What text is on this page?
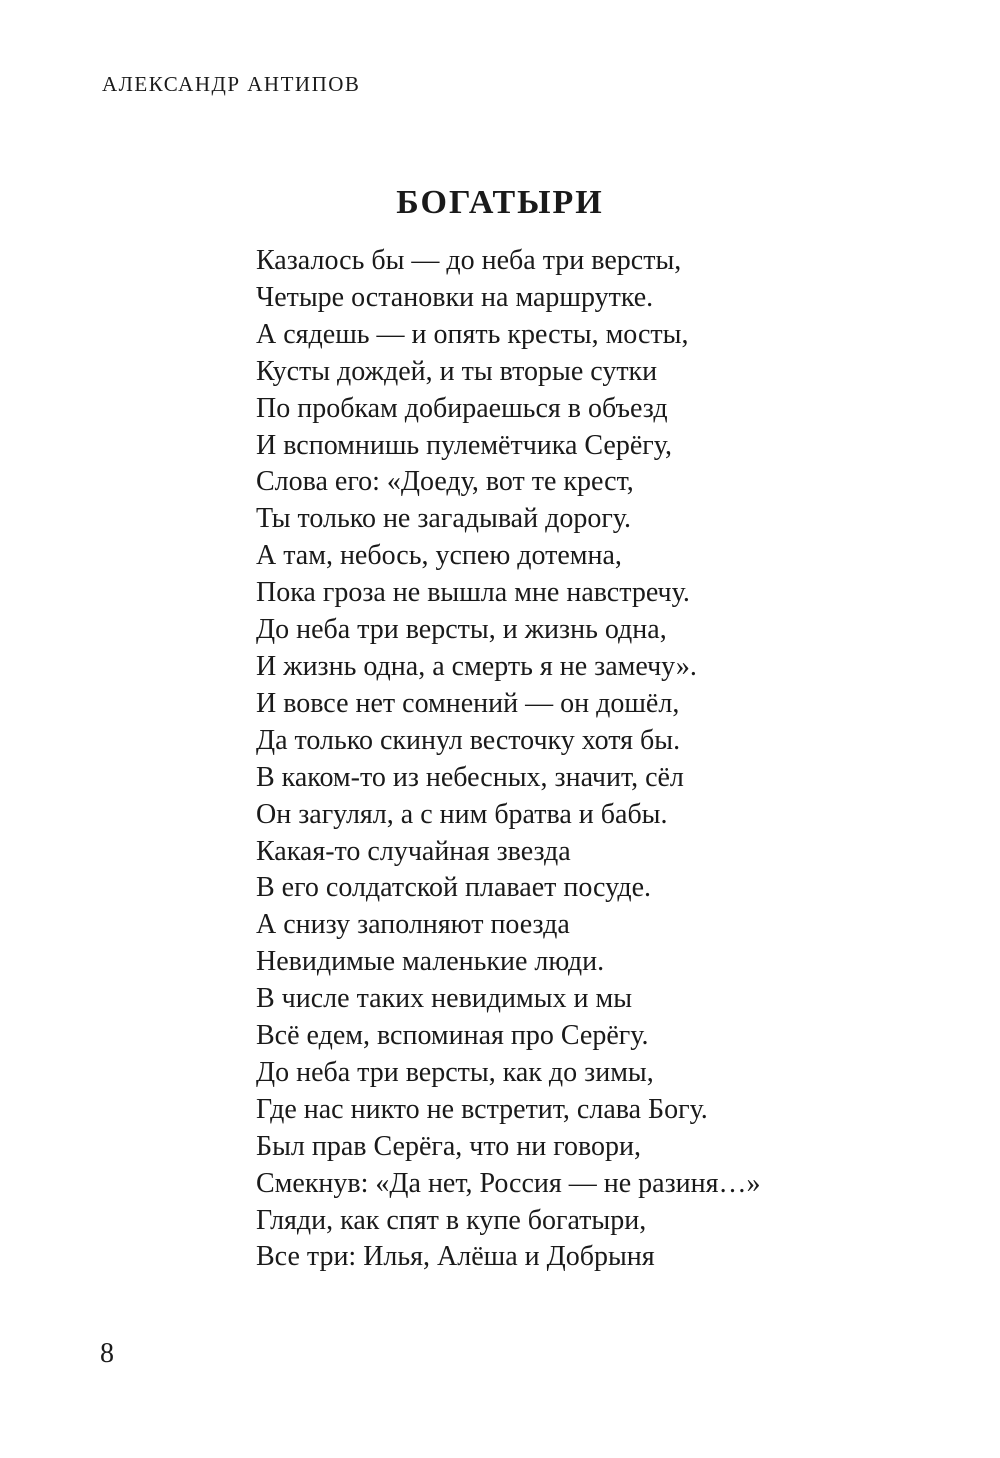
АЛЕКСАНДР АНТИПОВ
БОГАТЫРИ
Казалось бы — до неба три версты,
Четыре остановки на маршрутке.
А сядешь — и опять кресты, мосты,
Кусты дождей, и ты вторые сутки
По пробкам добираешься в объезд
И вспомнишь пулемётчика Серёгу,
Слова его: «Доеду, вот те крест,
Ты только не загадывай дорогу.
А там, небось, успею дотемна,
Пока гроза не вышла мне навстречу.
До неба три версты, и жизнь одна,
И жизнь одна, а смерть я не замечу».
И вовсе нет сомнений — он дошёл,
Да только скинул весточку хотя бы.
В каком-то из небесных, значит, сёл
Он загулял, а с ним братва и бабы.
Какая-то случайная звезда
В его солдатской плавает посуде.
А снизу заполняют поезда
Невидимые маленькие люди.
В числе таких невидимых и мы
Всё едем, вспоминая про Серёгу.
До неба три версты, как до зимы,
Где нас никто не встретит, слава Богу.
Был прав Серёга, что ни говори,
Смекнув: «Да нет, Россия — не разиня…»
Гляди, как спят в купе богатыри,
Все три: Илья, Алёша и Добрыня
8
